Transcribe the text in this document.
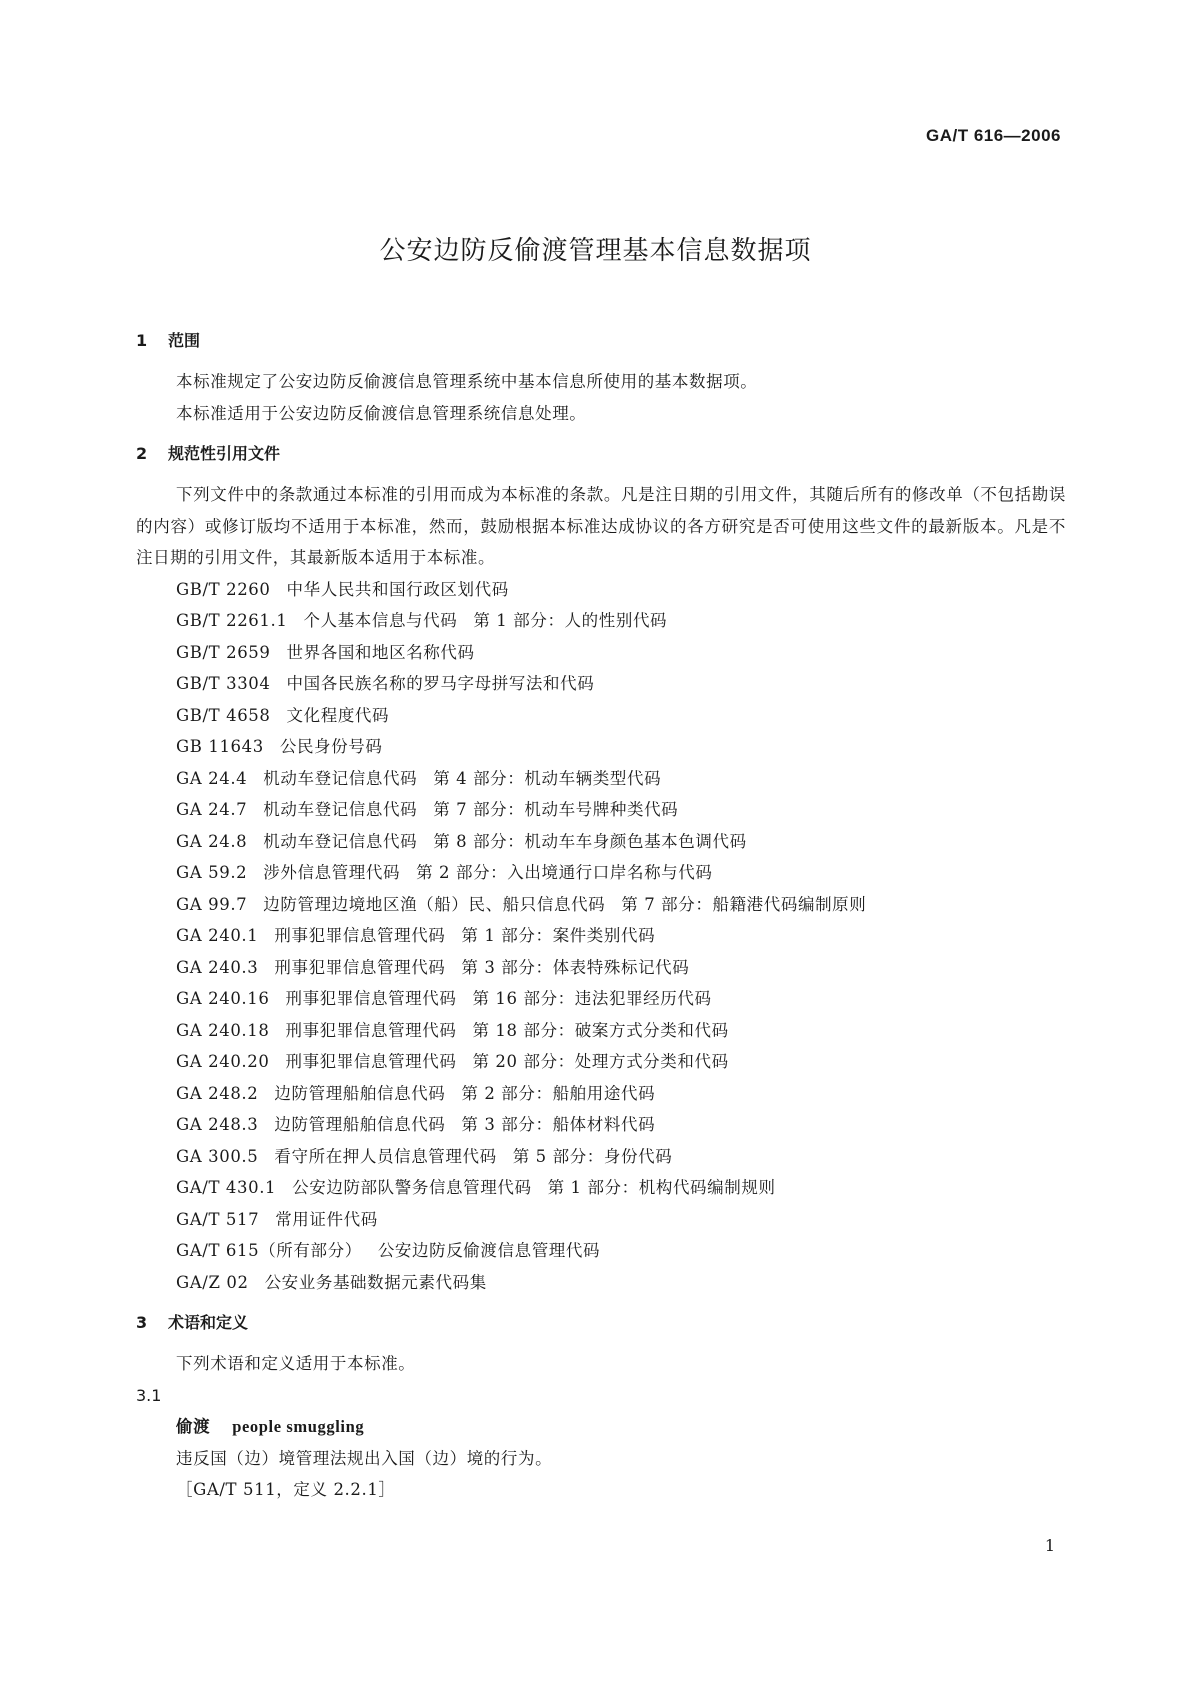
GA/T 616—2006
公安边防反偷渡管理基本信息数据项
1 范围

本标准规定了公安边防反偷渡信息管理系统中基本信息所使用的基本数据项。

本标准适用于公安边防反偷渡信息管理系统信息处理。

2 规范性引用文件

下列文件中的条款通过本标准的引用而成为本标准的条款。凡是注日期的引用文件，其随后所有的修改单（不包括勘误的内容）或修订版均不适用于本标准，然而，鼓励根据本标准达成协议的各方研究是否可使用这些文件的最新版本。凡是不注日期的引用文件，其最新版本适用于本标准。

GB/T 2260 中华人民共和国行政区划代码
GB/T 2261.1 个人基本信息与代码 第 1 部分：人的性别代码
GB/T 2659 世界各国和地区名称代码
GB/T 3304 中国各民族名称的罗马字母拼写法和代码
GB/T 4658 文化程度代码
GB 11643 公民身份号码
GA 24.4 机动车登记信息代码 第 4 部分：机动车辆类型代码
GA 24.7 机动车登记信息代码 第 7 部分：机动车号牌种类代码
GA 24.8 机动车登记信息代码 第 8 部分：机动车车身颜色基本色调代码
GA 59.2 涉外信息管理代码 第 2 部分：入出境通行口岸名称与代码
GA 99.7 边防管理边境地区渔（船）民、船只信息代码 第 7 部分：船籍港代码编制原则
GA 240.1 刑事犯罪信息管理代码 第 1 部分：案件类别代码
GA 240.3 刑事犯罪信息管理代码 第 3 部分：体表特殊标记代码
GA 240.16 刑事犯罪信息管理代码 第 16 部分：违法犯罪经历代码
GA 240.18 刑事犯罪信息管理代码 第 18 部分：破案方式分类和代码
GA 240.20 刑事犯罪信息管理代码 第 20 部分：处理方式分类和代码
GA 248.2 边防管理船舶信息代码 第 2 部分：船舶用途代码
GA 248.3 边防管理船舶信息代码 第 3 部分：船体材料代码
GA 300.5 看守所在押人员信息管理代码 第 5 部分：身份代码
GA/T 430.1 公安边防部队警务信息管理代码 第 1 部分：机构代码编制规则
GA/T 517 常用证件代码
GA/T 615（所有部分） 公安边防反偷渡信息管理代码
GA/Z 02 公安业务基础数据元素代码集
3 术语和定义

下列术语和定义适用于本标准。

3.1
偷渡 people smuggling
违反国（边）境管理法规出入国（边）境的行为。
［GA/T 511，定义 2.2.1］
1
